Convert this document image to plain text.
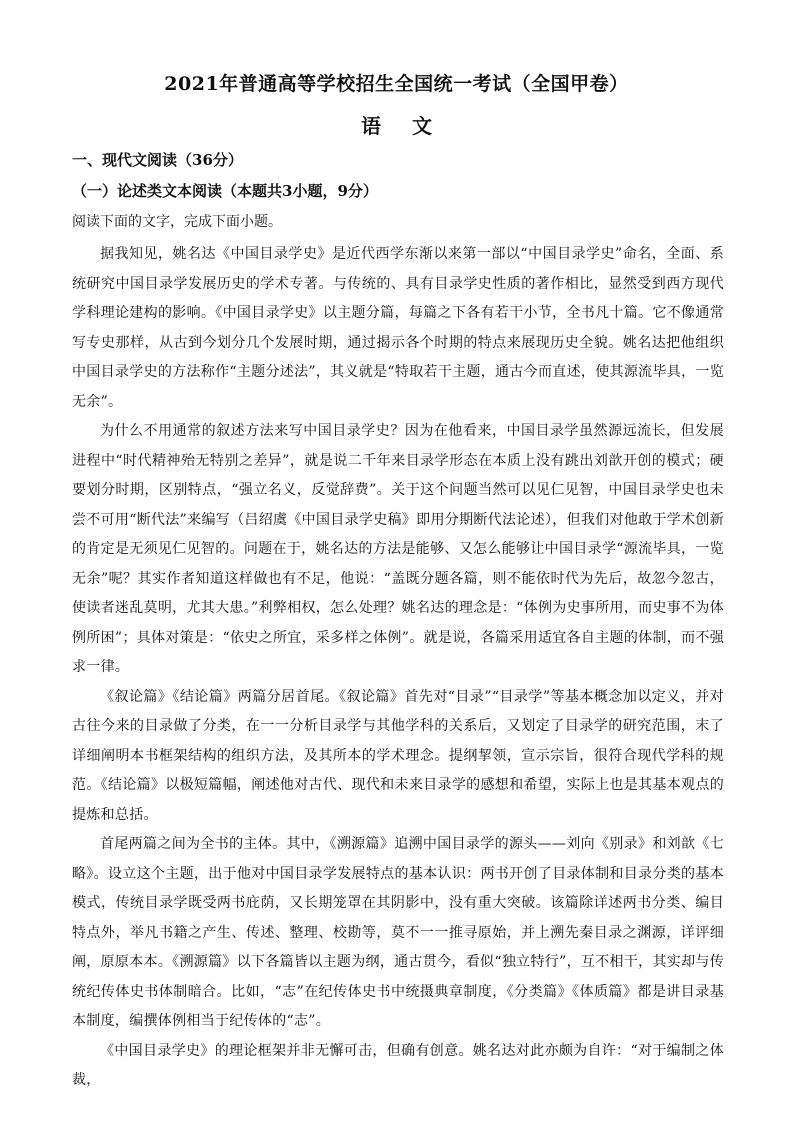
2021年普通高等学校招生全国统一考试（全国甲卷）
语 文
一、现代文阅读（36分）
（一）论述类文本阅读（本题共3小题，9分）
阅读下面的文字，完成下面小题。

据我知见，姚名达《中国目录学史》是近代西学东渐以来第一部以“中国目录学史”命名，全面、系统研究中国目录学发展历史的学术专著。与传统的、具有目录学史性质的著作相比，显然受到西方现代学科理论建构的影响。《中国目录学史》以主题分篇，每篇之下各有若干小节，全书凡十篇。它不像通常写专史那样，从古到今划分几个发展时期，通过揭示各个时期的特点来展现历史全貌。姚名达把他组织中国目录学史的方法称作“主题分述法”，其义就是“特取若干主题，通古今而直述，使其源流毕具，一览无余”。

为什么不用通常的叙述方法来写中国目录学史？因为在他看来，中国目录学虽然源远流长，但发展进程中“时代精神殆无特别之差异”，就是说二千年来目录学形态在本质上没有跳出刘歆开创的模式；硬要划分时期，区别特点，“强立名义，反觉辞费”。关于这个问题当然可以见仁见智，中国目录学史也未尝不可用“断代法”来编写（吕绍虞《中国目录学史稿》即用分期断代法论述），但我们对他敢于学术创新的肯定是无须见仁见智的。问题在于，姚名达的方法是能够、又怎么能够让中国目录学“源流毕具，一览无余”呢？其实作者知道这样做也有不足，他说：“盖既分题各篇，则不能依时代为先后，故忽今忽古，使读者迷乱莫明，尤其大患。”利弊相权，怎么处理？姚名达的理念是：“体例为史事所用，而史事不为体例所困”；具体对策是：“依史之所宜，采多样之体例”。就是说，各篇采用适宜各自主题的体制，而不强求一律。

《叙论篇》《结论篇》两篇分居首尾。《叙论篇》首先对“目录”“目录学”等基本概念加以定义，并对古往今来的目录做了分类，在一一分析目录学与其他学科的关系后，又划定了目录学的研究范围，末了详细阐明本书框架结构的组织方法，及其所本的学术理念。提纲挈领，宣示宗旨，很符合现代学科的规范。《结论篇》以极短篇幅，阐述他对古代、现代和未来目录学的感想和希望，实际上也是其基本观点的提炼和总括。

首尾两篇之间为全书的主体。其中，《溯源篇》追溯中国目录学的源头——刘向《别录》和刘歆《七略》。设立这个主题，出于他对中国目录学发展特点的基本认识：两书开创了目录体制和目录分类的基本模式，传统目录学既受两书庇荫，又长期笼罩在其阴影中，没有重大突破。该篇除详述两书分类、编目特点外，举凡书籍之产生、传述、整理、校勘等，莫不一一推寻原始，并上溯先秦目录之渊源，详评细阐，原原本本。《溯源篇》以下各篇皆以主题为纲，通古贯今，看似“独立特行”，互不相干，其实却与传统纪传体史书体制暗合。比如，“志”在纪传体史书中统摄典章制度，《分类篇》《体质篇》都是讲目录基本制度，编撰体例相当于纪传体的“志”。

《中国目录学史》的理论框架并非无懈可击，但确有创意。姚名达对此亦颇为自许：“对于编制之体裁，
